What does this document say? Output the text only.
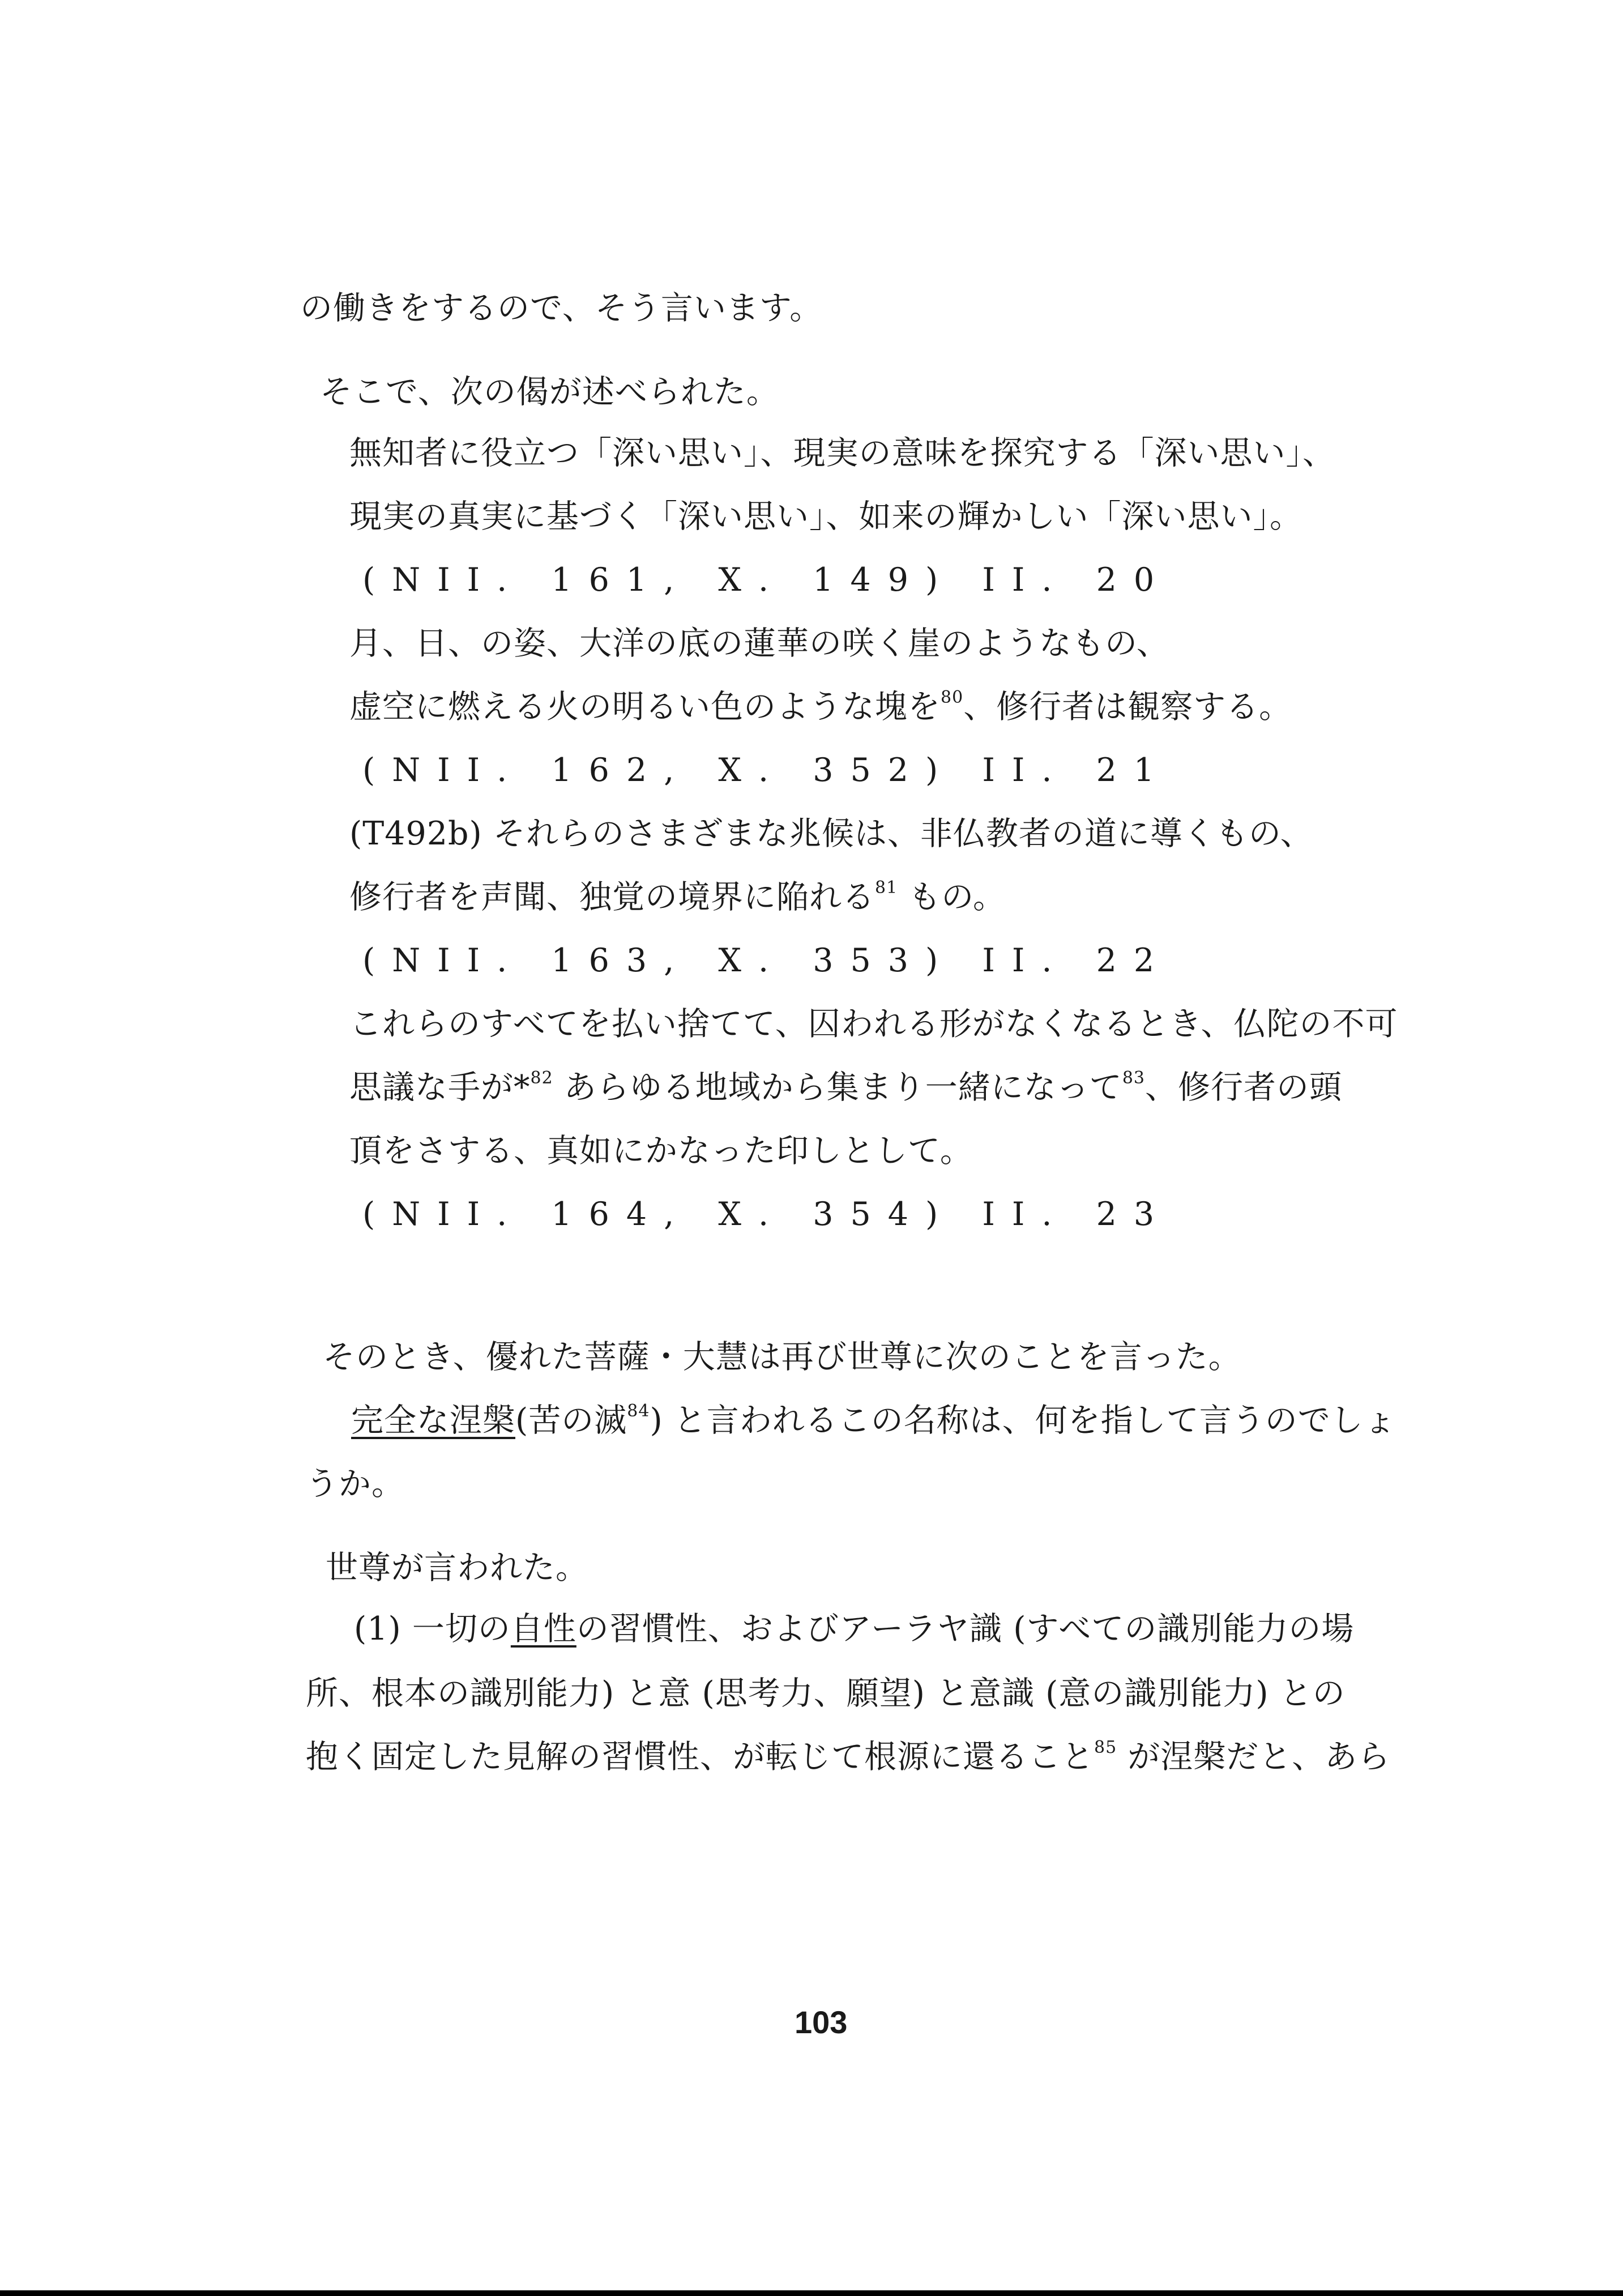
の働きをするので、そう言います。
そこで、次の偈が述べられた。
無知者に役立つ「深い思い」、現実の意味を探究する「深い思い」、
現実の真実に基づく「深い思い」、如来の輝かしい「深い思い」。
(NII. 161, X. 149) II. 20
月、日、の姿、大洋の底の蓮華の咲く崖のようなもの、
虚空に燃える火の明るい色のような塊を$^{80}$、修行者は観察する。
(NII. 162, X. 352) II. 21
(T492b) それらのさまざまな兆候は、非仏教者の道に導くもの、
修行者を声聞、独覚の境界に陥れる$^{81}$ もの。
(NII. 163, X. 353) II. 22
これらのすべてを払い捨てて、囚われる形がなくなるとき、仏陀の不可
思議な手が*$^{82}$ あらゆる地域から集まり一緒になって$^{83}$、修行者の頭
頂をさする、真如にかなった印しとして。
(NII. 164, X. 354) II. 23
そのとき、優れた菩薩・大慧は再び世尊に次のことを言った。
完全な涅槃(苦の滅$^{84}$) と言われるこの名称は、何を指して言うのでしょ
うか。
世尊が言われた。
(1) 一切の自性の習慣性、およびアーラヤ識 (すべての識別能力の場
所、根本の識別能力) と意 (思考力、願望) と意識 (意の識別能力) との
抱く固定した見解の習慣性、が転じて根源に還ること$^{85}$ が涅槃だと、あら
103
